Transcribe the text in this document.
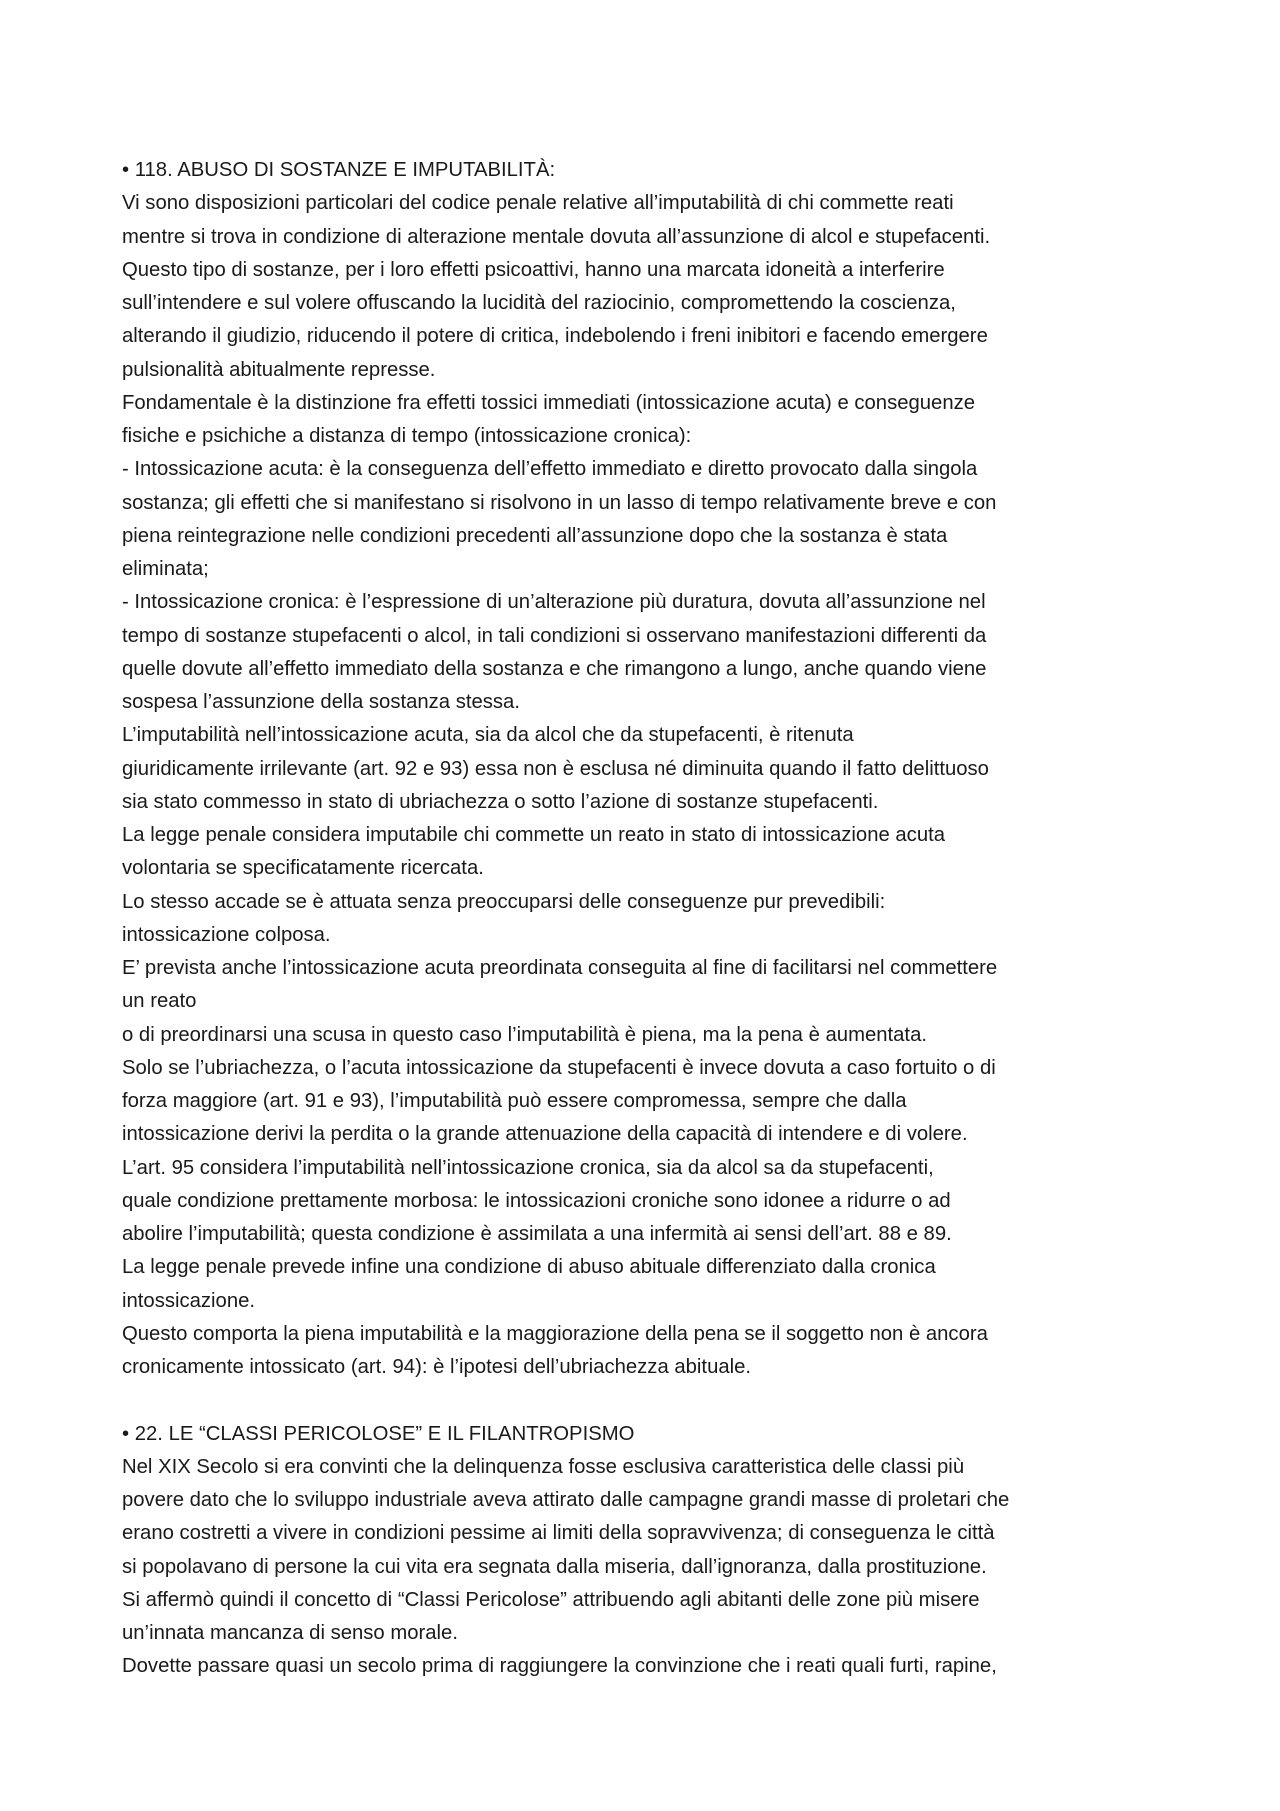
• 118. ABUSO DI SOSTANZE E IMPUTABILITÀ:
Vi sono disposizioni particolari del codice penale relative all’imputabilità di chi commette reati
mentre si trova in condizione di alterazione mentale dovuta all’assunzione di alcol e stupefacenti.
Questo tipo di sostanze, per i loro effetti psicoattivi, hanno una marcata idoneità a interferire
sull’intendere e sul volere offuscando la lucidità del raziocinio, compromettendo la coscienza,
alterando il giudizio, riducendo il potere di critica, indebolendo i freni inibitori e facendo emergere
pulsionalità abitualmente represse.
Fondamentale è la distinzione fra effetti tossici immediati (intossicazione acuta) e conseguenze
fisiche e psichiche a distanza di tempo (intossicazione cronica):
- Intossicazione acuta: è la conseguenza dell’effetto immediato e diretto provocato dalla singola
sostanza; gli effetti che si manifestano si risolvono in un lasso di tempo relativamente breve e con
piena reintegrazione nelle condizioni precedenti all’assunzione dopo che la sostanza è stata
eliminata;
- Intossicazione cronica: è l’espressione di un’alterazione più duratura, dovuta all’assunzione nel
tempo di sostanze stupefacenti o alcol, in tali condizioni si osservano manifestazioni differenti da
quelle dovute all’effetto immediato della sostanza e che rimangono a lungo, anche quando viene
sospesa l’assunzione della sostanza stessa.
L’imputabilità nell’intossicazione acuta, sia da alcol che da stupefacenti, è ritenuta
giuridicamente irrilevante (art. 92 e 93) essa non è esclusa né diminuita quando il fatto delittuoso
sia stato commesso in stato di ubriachezza o sotto l’azione di sostanze stupefacenti.
La legge penale considera imputabile chi commette un reato in stato di intossicazione acuta
volontaria se specificatamente ricercata.
Lo stesso accade se è attuata senza preoccuparsi delle conseguenze pur prevedibili:
intossicazione colposa.
E’ prevista anche l’intossicazione acuta preordinata conseguita al fine di facilitarsi nel commettere
un reato
o di preordinarsi una scusa in questo caso l’imputabilità è piena, ma la pena è aumentata.
Solo se l’ubriachezza, o l’acuta intossicazione da stupefacenti è invece dovuta a caso fortuito o di
forza maggiore (art. 91 e 93), l’imputabilità può essere compromessa, sempre che dalla
intossicazione derivi la perdita o la grande attenuazione della capacità di intendere e di volere.
L’art. 95 considera l’imputabilità nell’intossicazione cronica, sia da alcol sa da stupefacenti,
quale condizione prettamente morbosa: le intossicazioni croniche sono idonee a ridurre o ad
abolire l’imputabilità; questa condizione è assimilata a una infermità ai sensi dell’art. 88 e 89.
La legge penale prevede infine una condizione di abuso abituale differenziato dalla cronica
intossicazione.
Questo comporta la piena imputabilità e la maggiorazione della pena se il soggetto non è ancora
cronicamente intossicato (art. 94): è l’ipotesi dell’ubriachezza abituale.
• 22. LE “CLASSI PERICOLOSE” E IL FILANTROPISMO
Nel XIX Secolo si era convinti che la delinquenza fosse esclusiva caratteristica delle classi più
povere dato che lo sviluppo industriale aveva attirato dalle campagne grandi masse di proletari che
erano costretti a vivere in condizioni pessime ai limiti della sopravvivenza; di conseguenza le città
si popolavano di persone la cui vita era segnata dalla miseria, dall’ignoranza, dalla prostituzione.
Si affermò quindi il concetto di “Classi Pericolose” attribuendo agli abitanti delle zone più misere
un’innata mancanza di senso morale.
Dovette passare quasi un secolo prima di raggiungere la convinzione che i reati quali furti, rapine,
